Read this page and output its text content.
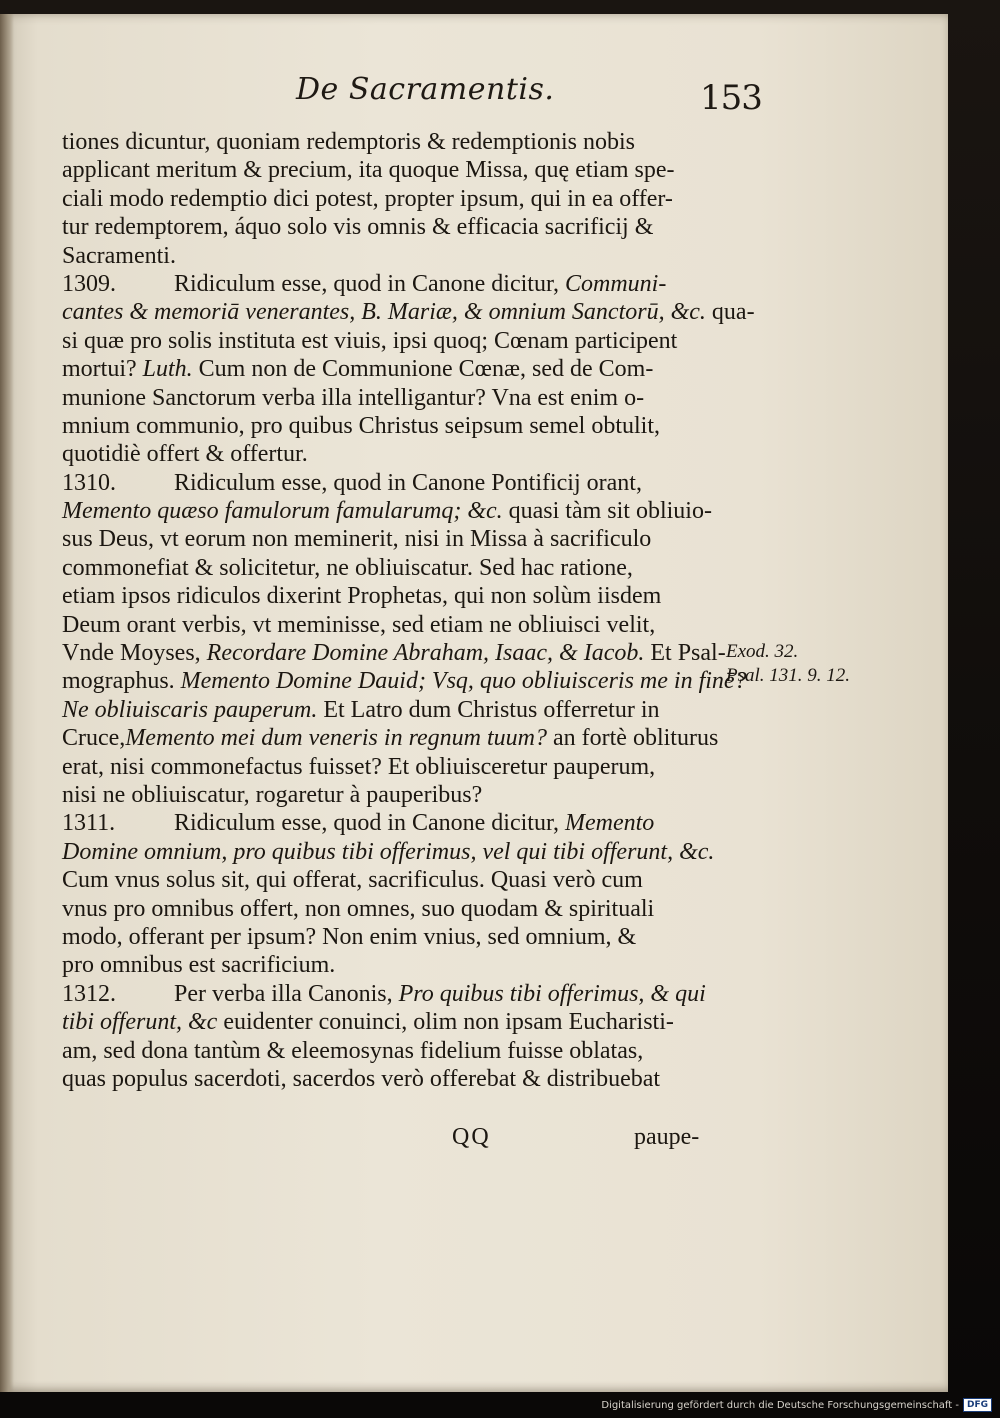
De Sacramentis.	153
tiones dicuntur, quoniam redemptoris & redemptionis nobis
applicant meritum & precium, ita quoque Missa, quę etiam spe-
ciali modo redemptio dici potest, propter ipsum, qui in ea offer-
tur redemptorem, áquo solo vis omnis & efficacia sacrificij &
Sacramenti.
1309. Ridiculum esse, quod in Canone dicitur, Communi-
cantes & memoriā venerantes, B. Mariæ, & omnium Sanctorū, &c. qua-
si quæ pro solis instituta est viuis, ipsi quoq; Cœnam participent
mortui? Luth. Cum non de Communione Cœnæ, sed de Com-
munione Sanctorum verba illa intelligantur? Vna est enim o-
mnium communio, pro quibus Christus seipsum semel obtulit,
quotidiè offert & offertur.
1310. Ridiculum esse, quod in Canone Pontificij orant,
Memento quæso famulorum famularumq; &c. quasi tàm sit obliuio-
sus Deus, vt eorum non meminerit, nisi in Missa à sacrificulo
commonefiat & solicitetur, ne obliuiscatur. Sed hac ratione,
etiam ipsos ridiculos dixerint Prophetas, qui non solùm iisdem
Deum orant verbis, vt meminisse, sed etiam ne obliuisci velit,
Vnde Moyses, Recordare Domine Abraham, Isaac, & Iacob. Et Psal-
mographus. Memento Domine Dauid; Vsq, quo obliuisceris me in finē?
Ne obliuiscaris pauperum. Et Latro dum Christus offerretur in
Cruce,Memento mei dum veneris in regnum tuum? an fortè obliturus
erat, nisi commonefactus fuisset? Et obliuisceretur pauperum,
nisi ne obliuiscatur, rogaretur à pauperibus?
1311. Ridiculum esse, quod in Canone dicitur, Memento
Domine omnium, pro quibus tibi offerimus, vel qui tibi offerunt, &c.
Cum vnus solus sit, qui offerat, sacrificulus. Quasi verò cum
vnus pro omnibus offert, non omnes, suo quodam & spirituali
modo, offerant per ipsum? Non enim vnius, sed omnium, &
pro omnibus est sacrificium.
1312. Per verba illa Canonis, Pro quibus tibi offerimus, & qui
tibi offerunt, &c euidenter conuinci, olim non ipsam Eucharisti-
am, sed dona tantùm & eleemosynas fidelium fuisse oblatas,
quas populus sacerdoti, sacerdos verò offerebat & distribuebat
Exod. 32.
Psal. 131. 9. 12.
QQ	paupe-
Digitalisierung gefördert durch die Deutsche Forschungsgemeinschaft - DFG
